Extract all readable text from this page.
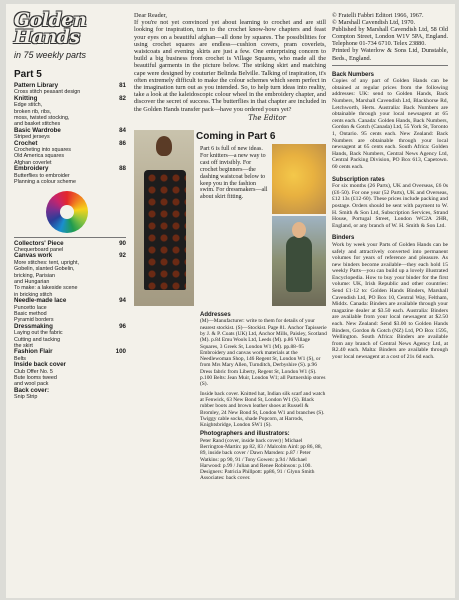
Golden
Hands
in 75 weekly parts
Part 5
Pattern Library	81
Cross stitch peasant design
Knitting	82
Edge stitch,
broken rib, ribs,
moss, twisted stocking,
and basket stitches
Basic Wardrobe	84
Striped jerseys
Crochet	86
Crocheting into squares
Old America squares
Afghan coverlet
Embroidery	88
Butterflies to embroider
Planning a colour scheme
Collectors' Piece	90
Chequerboard panel
Canvas work	92
More stitches: tent, upright,
Gobelin, slanted Gobelin,
bricking, Parisian
and Hungarian
To make: a lakeside scene
in bricking stitch
Needle-made lace	94
Puncetto lace
Basic method
Pyramid borders
Dressmaking	96
Laying out the fabric
Cutting and tacking
the skirt
Fashion Flair	100
Belts
Inside back cover
Club Offer No. 5
Bute looms tweed
and wool pack
Back cover:
Snip Strip
Dear Reader,
If you're not yet convinced yet about learning to crochet and are still looking for inspiration, turn to the crochet know-how chapters and feast your eyes on a beautiful afghan—all done by squares. The possibilities for using crochet squares are endless—cushion covers, pram coverlets, waistcoats and evening skirts are just a few. One enterprising concern to build a big business from crochet is Village Squares, who made all the beautiful garments in the picture below. The striking skirt and matching cape were designed by couturier Belinda Belville. Talking of inspiration, it's often extremely difficult to make the colour schemes which seem perfect in the imagination turn out as you intended. So, to help turn ideas into reality, take a look at the kaleidoscopic colour wheel in the embroidery chapter, and discover the secret of success. The butterflies in that chapter are included in the Golden Hands transfer pack—have you ordered yours yet?
The Editor
Coming in Part 6
Part 6 is full of new ideas. For knitters—a new way to cast off invisibly. For crochet beginners—the dashing waistcoat below to keep you in the fashion swim. For dressmakers—all about skirt fitting.
Addresses
(M)—Manufacturer: write to them for details of your nearest stockist. (S)—Stockist. Page 81. Anchor Tapisserie by J. & P. Coats (UK) Ltd, Anchor Mills, Paisley, Scotland (M). p.84 Emu Wools Ltd, Leeds (M). p.86 Village Squares, 3 Greek St, London W1 (M). pp.88–95 Embroidery and canvas work materials at the Needlewoman Shop, 146 Regent St, London W1 (S), or from Mrs Mary Allen, Turnditch, Derbyshire (S). p.96 Dress fabric from Liberty, Regent St, London W1 (S). p.100 Belts: Jean Muir, London W1; all Partnership stores (S).
Inside back cover. Knitted hat, Indian silk scarf and watch at Fenwick, 63 New Bond St, London W1 (S). Black rubber boots and brown leather shoes at Russell & Bromley, 24 New Bond St, London W1 and branches (S). Twiggy cable socks, shade Popcorn, at Harrods, Knightsbridge, London SW1 (S).
Photographers and illustrators:
Peter Rand (cover, inside back cover) | Michael Berrington-Martin: pp 82, 83 / Malcolm Aird: pp 86, 88, 89, inside back cover / Dawn Marsden: p.87 / Peter Watkins: pp 90, 91 / Tony Gowen: p.94 / Michael Harwood: p.99 / Julian and Renee Robinson: p.100. Designers: Patricia Phillpott: pp86, 91 / Glynn Smith Associates: back cover.
© Fratelli Fabbri Editori 1966, 1967.
© Marshall Cavendish Ltd, 1970.
Published by Marshall Cavendish Ltd, 58 Old Compton Street, London W1V 5PA, England. Telephone 01-734 6710. Telex 23880.
Printed by Waterlow & Sons Ltd, Dunstable, Beds., England.
Back Numbers
Copies of any part of Golden Hands can be obtained at regular prices from the following addresses: UK: send to Golden Hands, Back Numbers, Marshall Cavendish Ltd, Blackhorse Rd, Letchworth, Herts. Australia: Back Numbers are obtainable through your local newsagent at 65 cents each. Canada: Golden Hands, Back Numbers, Gordon & Gotch (Canada) Ltd, 55 York St, Toronto 1, Ontario. 95 cents each. New Zealand: Back Numbers are obtainable through your local newsagent at 65 cents each. South Africa: Golden Hands, Back Numbers, Central News Agency Ltd, Central Packing Division, PO Box 613, Capetown. 60 cents each.
Subscription rates
For six months (26 Parts), UK and Overseas, £6 0s (£6·50). For one year (52 Parts), UK and Overseas, £12 13s (£12·60). These prices include packing and postage. Orders should be sent with payment to W. H. Smith & Son Ltd, Subscription Services, Strand House, Portugal Street, London WC2A 2HR, England, or any branch of W. H. Smith & Son Ltd.
Binders
Work by week your Parts of Golden Hands can be safely and attractively converted into permanent volumes for years of reference and pleasure. As new binders become available—they each hold 15 weekly Parts—you can build up a lovely illustrated Encyclopedia. How to buy your binder for the first volume: UK, Irish Republic and other countries: Send £1·12 to: Golden Hands Binders, Marshall Cavendish Ltd, PO Box 10, Central Way, Feltham, Middx. Canada: Binders are available through your magazine dealer at $3.50 each. Australia: Binders are available from your local newsagent at $2.50 each. New Zealand: Send $3.00 to Golden Hands Binders, Gordon & Gotch (NZ) Ltd, PO Box 1595, Wellington. South Africa: Binders are available from any branch of Central News Agency Ltd, at R2.40 each. Malta: Binders are available through your local newsagent at a cost of 21s 6d each.
